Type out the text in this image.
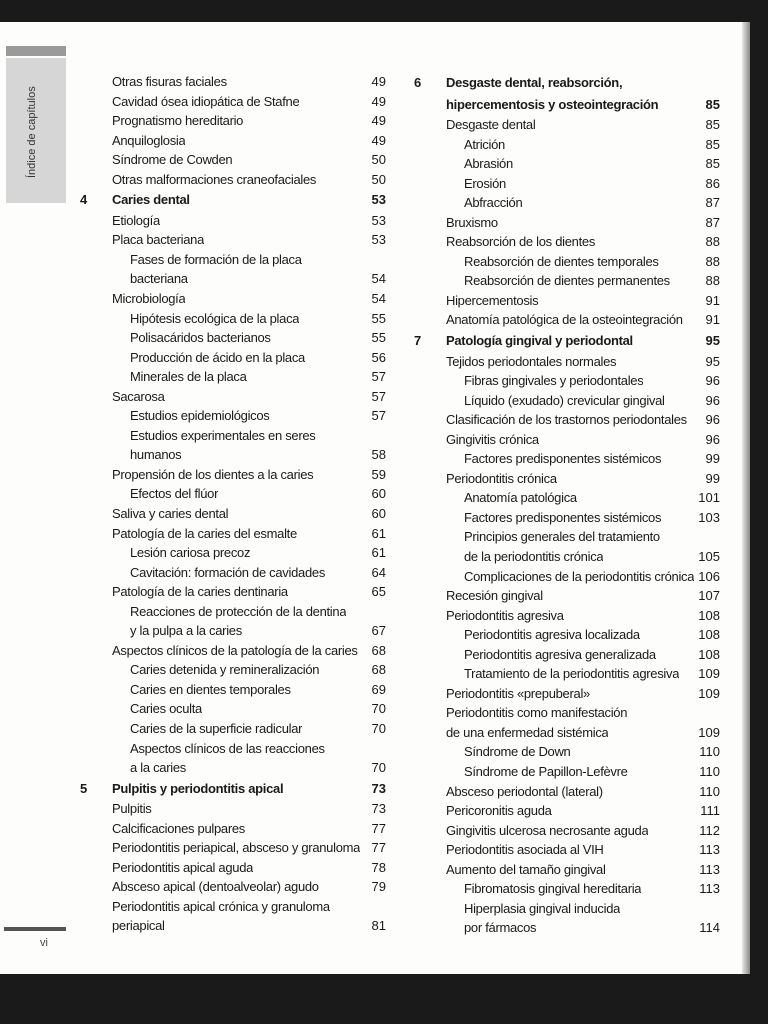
Índice de capítulos
vi
Otras fisuras faciales	49
Cavidad ósea idiopática de Stafne	49
Prognatismo hereditario	49
Anquiloglosia	49
Síndrome de Cowden	50
Otras malformaciones craneofaciales	50
4	Caries dental	53
Etiología	53
Placa bacteriana	53
Fases de formación de la placa
bacteriana	54
Microbiología	54
Hipótesis ecológica de la placa	55
Polisacáridos bacterianos	55
Producción de ácido en la placa	56
Minerales de la placa	57
Sacarosa	57
Estudios epidemiológicos	57
Estudios experimentales en seres
humanos	58
Propensión de los dientes a la caries	59
Efectos del flúor	60
Saliva y caries dental	60
Patología de la caries del esmalte	61
Lesión cariosa precoz	61
Cavitación: formación de cavidades	64
Patología de la caries dentinaria	65
Reacciones de protección de la dentina
y la pulpa a la caries	67
Aspectos clínicos de la patología de la caries	68
Caries detenida y remineralización	68
Caries en dientes temporales	69
Caries oculta	70
Caries de la superficie radicular	70
Aspectos clínicos de las reacciones
a la caries	70
5	Pulpitis y periodontitis apical	73
Pulpitis	73
Calcificaciones pulpares	77
Periodontitis periapical, absceso y granuloma 77
Periodontitis apical aguda	78
Absceso apical (dentoalveolar) agudo	79
Periodontitis apical crónica y granuloma
periapical	81
6	Desgaste dental, reabsorción,
hipercementosis y osteointegración	85
Desgaste dental	85
Atrición	85
Abrasión	85
Erosión	86
Abfracción	87
Bruxismo	87
Reabsorción de los dientes	88
Reabsorción de dientes temporales	88
Reabsorción de dientes permanentes	88
Hipercementosis	91
Anatomía patológica de la osteointegración	91
7	Patología gingival y periodontal	95
Tejidos periodontales normales	95
Fibras gingivales y periodontales	96
Líquido (exudado) crevicular gingival	96
Clasificación de los trastornos periodontales	96
Gingivitis crónica	96
Factores predisponentes sistémicos	99
Periodontitis crónica	99
Anatomía patológica	101
Factores predisponentes sistémicos	103
Principios generales del tratamiento
de la periodontitis crónica	105
Complicaciones de la periodontitis crónica 106
Recesión gingival	107
Periodontitis agresiva	108
Periodontitis agresiva localizada	108
Periodontitis agresiva generalizada	108
Tratamiento de la periodontitis agresiva	109
Periodontitis «prepuberal»	109
Periodontitis como manifestación
de una enfermedad sistémica	109
Síndrome de Down	110
Síndrome de Papillon-Lefèvre	110
Absceso periodontal (lateral)	110
Pericoronitis aguda	111
Gingivitis ulcerosa necrosante aguda	112
Periodontitis asociada al VIH	113
Aumento del tamaño gingival	113
Fibromatosis gingival hereditaria	113
Hiperplasia gingival inducida
por fármacos	114
